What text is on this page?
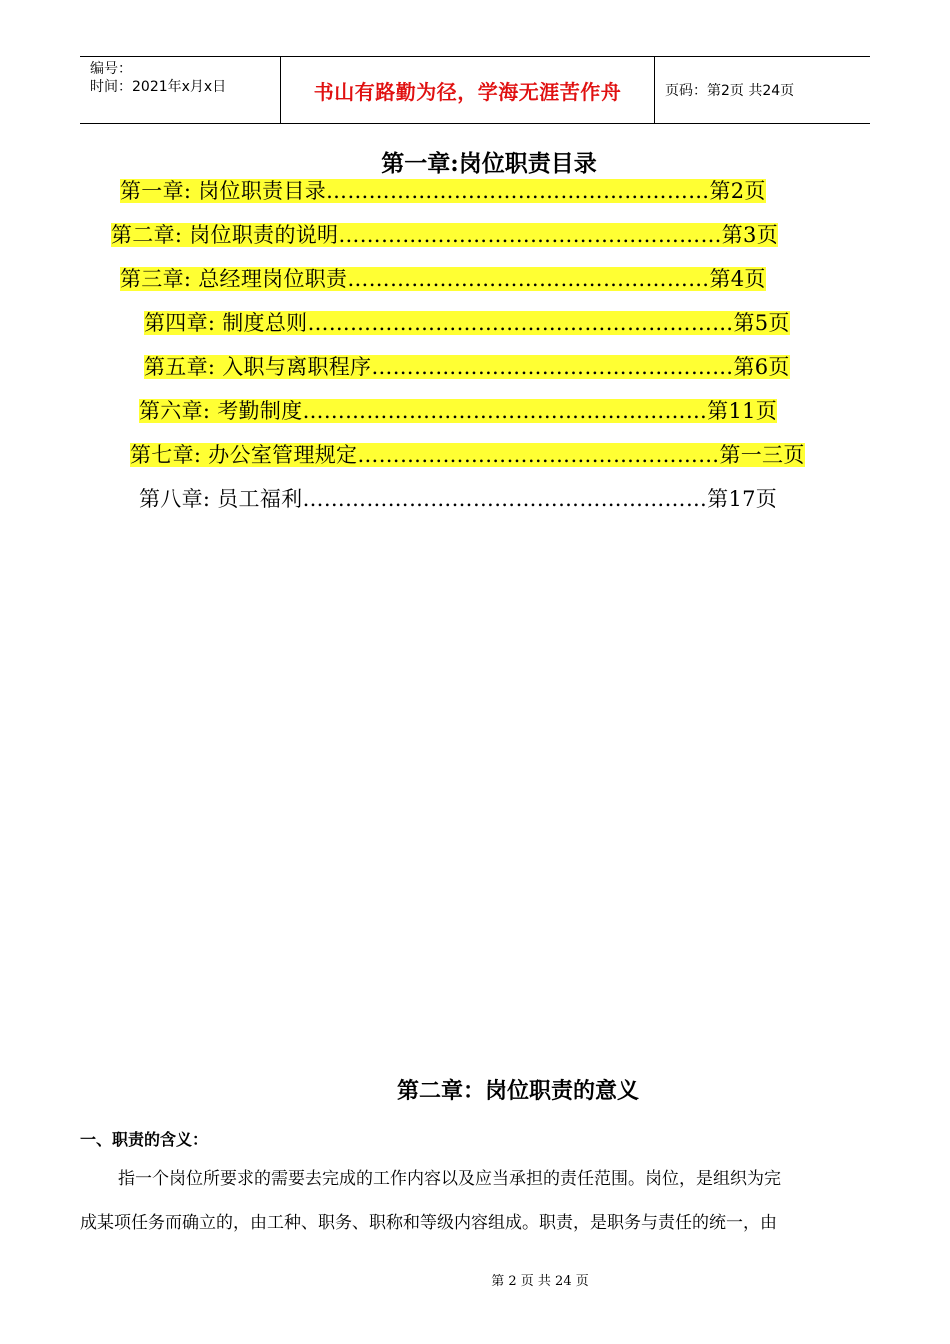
编号：
时间：2021年x月x日	书山有路勤为径，学海无涯苦作舟	页码：第2页 共24页
第一章:岗位职责目录
第一章: 岗位职责目录………………………………………………第2页
第二章: 岗位职责的说明………………………………………………第3页
第三章: 总经理岗位职责……………………………………………第4页
第四章: 制度总则……………………………………………………第5页
第五章: 入职与离职程序……………………………………………第6页
第六章: 考勤制度…………………………………………………第11页
第七章: 办公室管理规定……………………………………………第一三页
第八章: 员工福利…………………………………………………第17页
第二章：岗位职责的意义
一、职责的含义：
指一个岗位所要求的需要去完成的工作内容以及应当承担的责任范围。岗位，是组织为完
成某项任务而确立的，由工种、职务、职称和等级内容组成。职责，是职务与责任的统一，由
第 2 页 共 24 页
